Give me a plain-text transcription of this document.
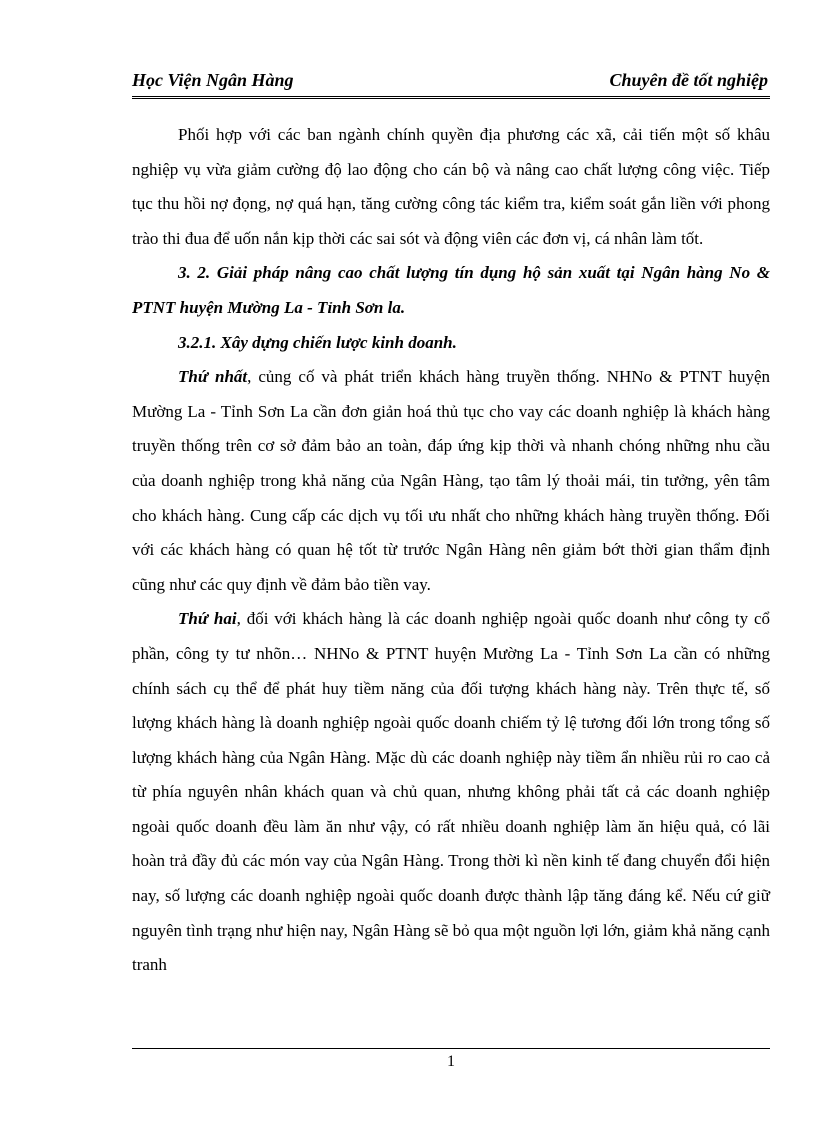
Học Viện Ngân Hàng	Chuyên đề tốt nghiệp

Phối hợp với các ban ngành chính quyền địa phương các xã, cải tiến một số khâu nghiệp vụ vừa giảm cường độ lao động cho cán bộ và nâng cao chất lượng công việc. Tiếp tục thu hồi nợ đọng, nợ quá hạn, tăng cường công tác kiểm tra, kiểm soát gắn liền với phong trào thi đua để uốn nắn kịp thời các sai sót và động viên các đơn vị, cá nhân làm tốt.

3. 2. Giải pháp nâng cao chất lượng tín dụng hộ sản xuất tại Ngân hàng No & PTNT huyện Mường La - Tỉnh Sơn la.

3.2.1. Xây dựng chiến lược kinh doanh.

Thứ nhất, củng cố và phát triển khách hàng truyền thống. NHNo & PTNT huyện Mường La - Tỉnh Sơn La cần đơn giản hoá thủ tục cho vay các doanh nghiệp là khách hàng truyền thống trên cơ sở đảm bảo an toàn, đáp ứng kịp thời và nhanh chóng những nhu cầu của doanh nghiệp trong khả năng của Ngân Hàng, tạo tâm lý thoải mái, tin tưởng, yên tâm cho khách hàng. Cung cấp các dịch vụ tối ưu nhất cho những khách hàng truyền thống. Đối với các khách hàng có quan hệ tốt từ trước Ngân Hàng nên giảm bớt thời gian thẩm định cũng như các quy định về đảm bảo tiền vay.

Thứ hai, đối với khách hàng là các doanh nghiệp ngoài quốc doanh như công ty cổ phần, công ty tư nhõn… NHNo & PTNT huyện Mường La - Tỉnh Sơn La cần có những chính sách cụ thể để phát huy tiềm năng của đối tượng khách hàng này. Trên thực tế, số lượng khách hàng là doanh nghiệp ngoài quốc doanh chiếm tỷ lệ tương đối lớn trong tổng số lượng khách hàng của Ngân Hàng. Mặc dù các doanh nghiệp này tiềm ẩn nhiều rủi ro cao cả từ phía nguyên nhân khách quan và chủ quan, nhưng không phải tất cả các doanh nghiệp ngoài quốc doanh đều làm ăn như vậy, có rất nhiều doanh nghiệp làm ăn hiệu quả, có lãi hoàn trả đầy đủ các món vay của Ngân Hàng. Trong thời kì nền kinh tế đang chuyển đổi hiện nay, số lượng các doanh nghiệp ngoài quốc doanh được thành lập tăng đáng kể. Nếu cứ giữ nguyên tình trạng như hiện nay, Ngân Hàng sẽ bỏ qua một nguồn lợi lớn, giảm khả năng cạnh tranh

1
